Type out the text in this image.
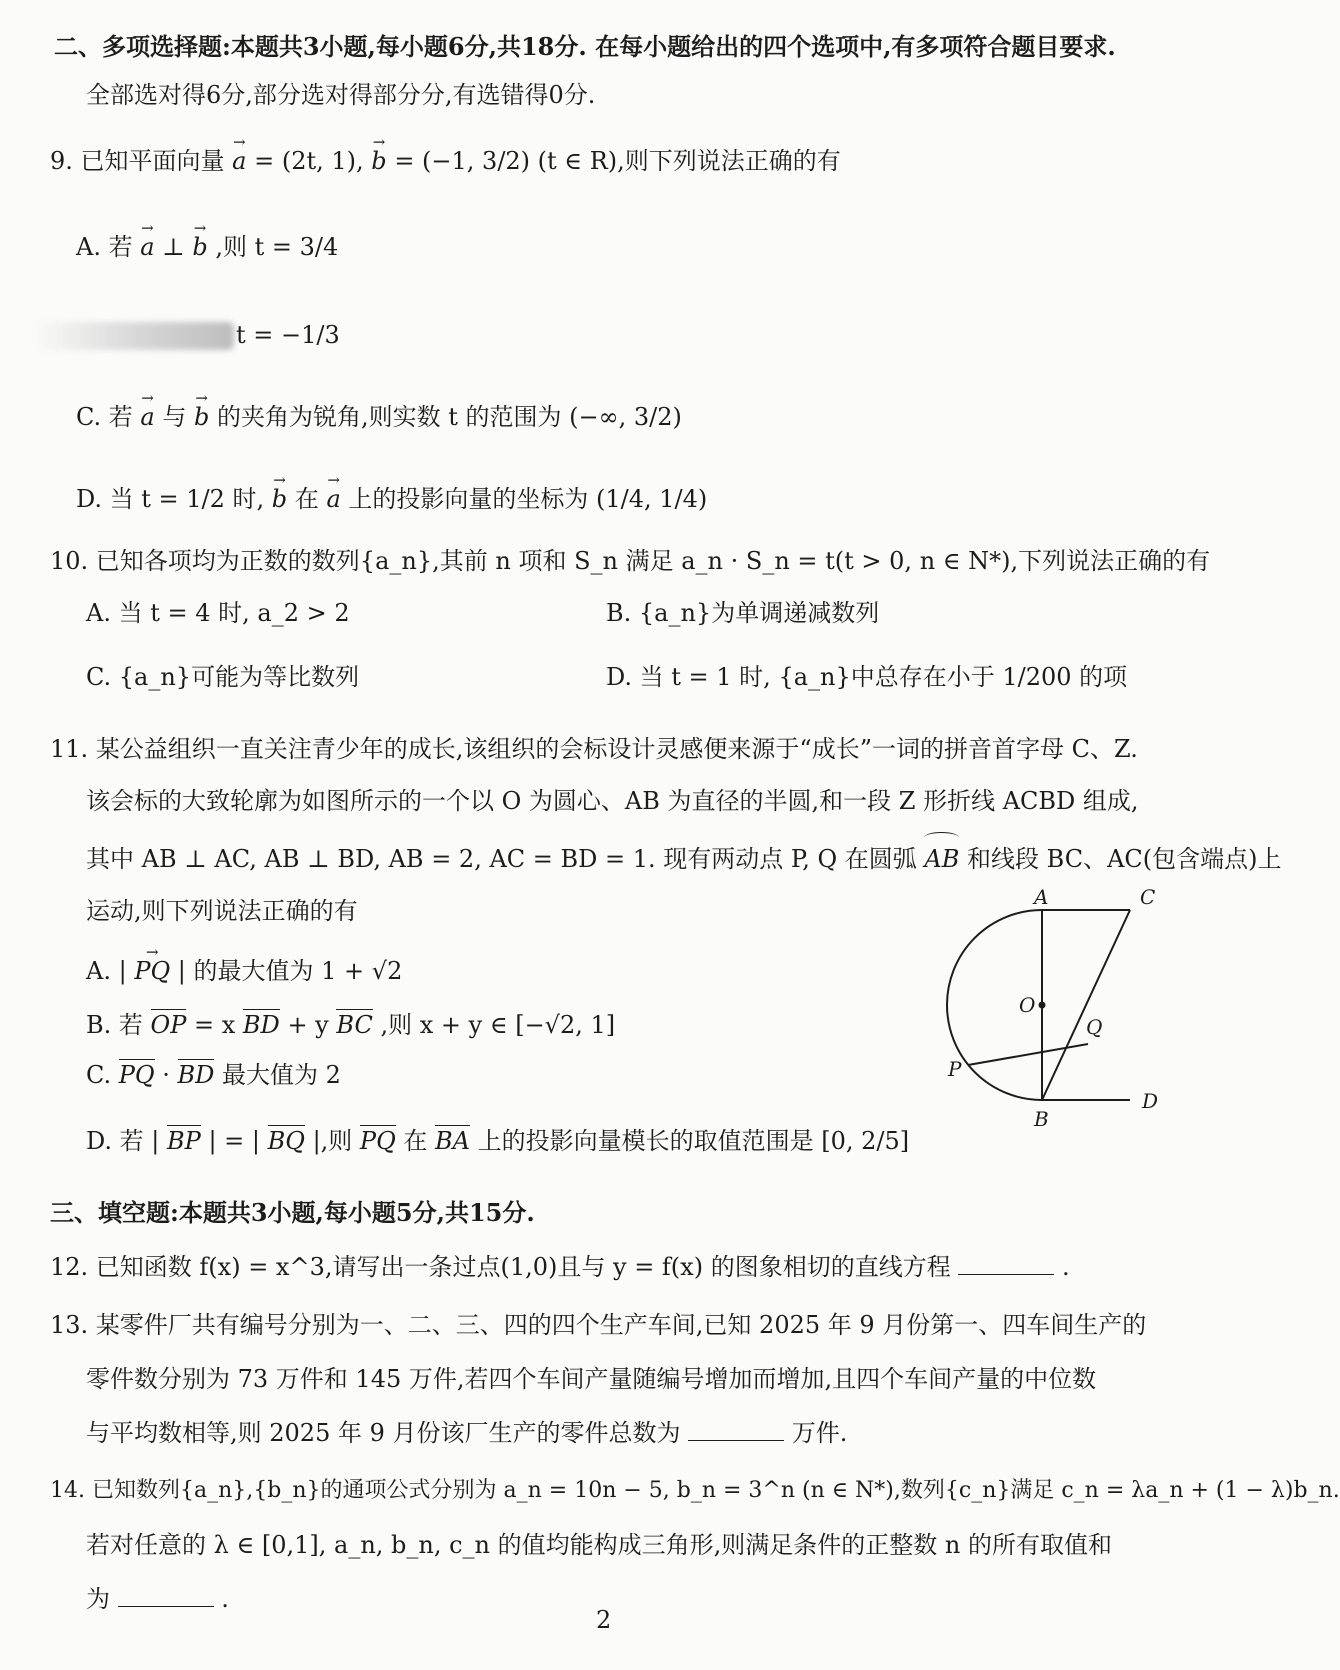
二、多项选择题:本题共3小题,每小题6分,共18分. 在每小题给出的四个选项中,有多项符合题目要求.
全部选对得6分,部分选对得部分分,有选错得0分.
9. 已知平面向量 → a = (2t, 1), → b = (−1, 3/2) (t ∈ R),则下列说法正确的有
A. 若 → a ⊥ → b ,则 t = 3/4
t = −1/3
C. 若 → a 与 → b 的夹角为锐角,则实数 t 的范围为 (−∞, 3/2)
D. 当 t = 1/2 时, → b 在 → a 上的投影向量的坐标为 (1/4, 1/4)
10. 已知各项均为正数的数列{a_n},其前 n 项和 S_n 满足 a_n · S_n = t(t > 0, n ∈ N*),下列说法正确的有
A. 当 t = 4 时, a_2 > 2	B. {a_n}为单调递减数列
C. {a_n}可能为等比数列	D. 当 t = 1 时, {a_n}中总存在小于 1/200 的项
11. 某公益组织一直关注青少年的成长,该组织的会标设计灵感便来源于“成长”一词的拼音首字母 C、Z.
该会标的大致轮廓为如图所示的一个以 O 为圆心、AB 为直径的半圆,和一段 Z 形折线 ACBD 组成,
其中 AB ⊥ AC, AB ⊥ BD, AB = 2, AC = BD = 1. 现有两动点 P, Q 在圆弧 AB 和线段 BC、AC(包含端点)上
运动,则下列说法正确的有
A. | → PQ | 的最大值为 1 + √2
B. 若 OP = x BD + y BC ,则 x + y ∈ [−√2, 1]
C. PQ · BD 最大值为 2
D. 若 | BP | = | BQ |,则 PQ 在 BA 上的投影向量模长的取值范围是 [0, 2/5]
A	C
O
Q
P
B
D
三、填空题:本题共3小题,每小题5分,共15分.
12. 已知函数 f(x) = x^3,请写出一条过点(1,0)且与 y = f(x) 的图象相切的直线方程	.
13. 某零件厂共有编号分别为一、二、三、四的四个生产车间,已知 2025 年 9 月份第一、四车间生产的
零件数分别为 73 万件和 145 万件,若四个车间产量随编号增加而增加,且四个车间产量的中位数
与平均数相等,则 2025 年 9 月份该厂生产的零件总数为	万件.
14. 已知数列{a_n},{b_n}的通项公式分别为 a_n = 10n − 5, b_n = 3^n (n ∈ N*),数列{c_n}满足 c_n = λa_n + (1 − λ)b_n.
若对任意的 λ ∈ [0,1], a_n, b_n, c_n 的值均能构成三角形,则满足条件的正整数 n 的所有取值和
为	.
2
